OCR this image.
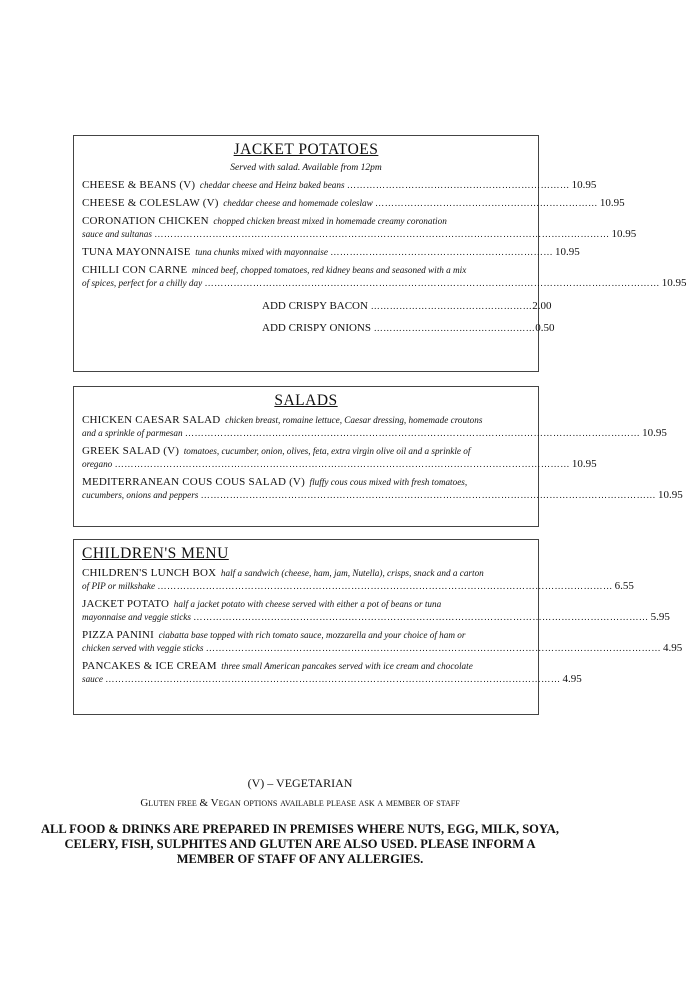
JACKET POTATOES
Served with salad. Available from 12pm
CHEESE & BEANS (V) cheddar cheese and Heinz baked beans …………………………………………………………… 10.95
CHEESE & COLESLAW (V) cheddar cheese and homemade coleslaw …………………………………………………………… 10.95
CORONATION CHICKEN chopped chicken breast mixed in homemade creamy coronation
sauce and sultanas …………………………………………………………………………………………………………………………… 10.95
TUNA MAYONNAISE tuna chunks mixed with mayonnaise …………………………………………………………… 10.95
CHILLI CON CARNE minced beef, chopped tomatoes, red kidney beans and seasoned with a mix
of spices, perfect for a chilly day …………………………………………………………………………………………………………………………… 10.95
ADD CRISPY BACON …………………………………………… 2.00
ADD CRISPY ONIONS …………………………………………… 0.50
SALADS
CHICKEN CAESAR SALAD chicken breast, romaine lettuce, Caesar dressing, homemade croutons
and a sprinkle of parmesan …………………………………………………………………………………………………………………………… 10.95
GREEK SALAD (V) tomatoes, cucumber, onion, olives, feta, extra virgin olive oil and a sprinkle of
oregano …………………………………………………………………………………………………………………………… 10.95
MEDITERRANEAN COUS COUS SALAD (V) fluffy cous cous mixed with fresh tomatoes,
cucumbers, onions and peppers …………………………………………………………………………………………………………………………… 10.95
CHILDREN'S MENU
CHILDREN'S LUNCH BOX half a sandwich (cheese, ham, jam, Nutella), crisps, snack and a carton
of PIP or milkshake …………………………………………………………………………………………………………………………… 6.55
JACKET POTATO half a jacket potato with cheese served with either a pot of beans or tuna
mayonnaise and veggie sticks …………………………………………………………………………………………………………………………… 5.95
PIZZA PANINI ciabatta base topped with rich tomato sauce, mozzarella and your choice of ham or
chicken served with veggie sticks …………………………………………………………………………………………………………………………… 4.95
PANCAKES & ICE CREAM three small American pancakes served with ice cream and chocolate
sauce …………………………………………………………………………………………………………………………… 4.95
(V) – VEGETARIAN
Gluten free & Vegan options available please ask a member of staff
ALL FOOD & DRINKS ARE PREPARED IN PREMISES WHERE NUTS, EGG, MILK, SOYA, CELERY, FISH, SULPHITES AND GLUTEN ARE ALSO USED. PLEASE INFORM A MEMBER OF STAFF OF ANY ALLERGIES.
